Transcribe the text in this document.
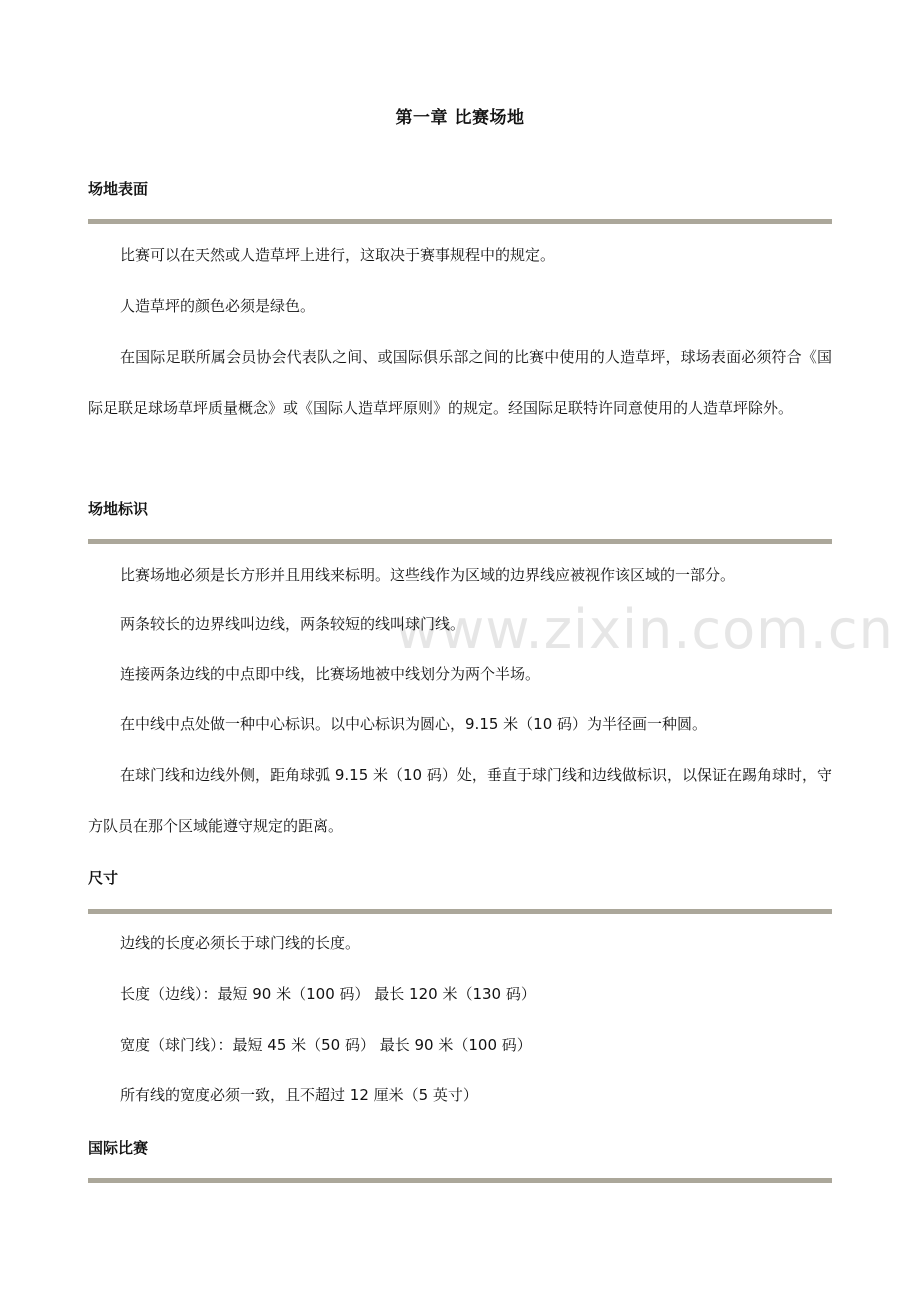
www.zixin.com.cn
第一章 比赛场地
场地表面

比赛可以在天然或人造草坪上进行，这取决于赛事规程中的规定。

人造草坪的颜色必须是绿色。

在国际足联所属会员协会代表队之间、或国际俱乐部之间的比赛中使用的人造草坪，球场表面必须符合《国际足联足球场草坪质量概念》或《国际人造草坪原则》的规定。经国际足联特许同意使用的人造草坪除外。

场地标识

比赛场地必须是长方形并且用线来标明。这些线作为区域的边界线应被视作该区域的一部分。

两条较长的边界线叫边线，两条较短的线叫球门线。

连接两条边线的中点即中线，比赛场地被中线划分为两个半场。

在中线中点处做一种中心标识。以中心标识为圆心，9.15 米（10 码）为半径画一种圆。

在球门线和边线外侧，距角球弧 9.15 米（10 码）处，垂直于球门线和边线做标识，以保证在踢角球时，守方队员在那个区域能遵守规定的距离。

尺寸

边线的长度必须长于球门线的长度。

长度（边线）：最短 90 米（100 码） 最长 120 米（130 码）

宽度（球门线）：最短 45 米（50 码） 最长 90 米（100 码）

所有线的宽度必须一致，且不超过 12 厘米（5 英寸）

国际比赛
